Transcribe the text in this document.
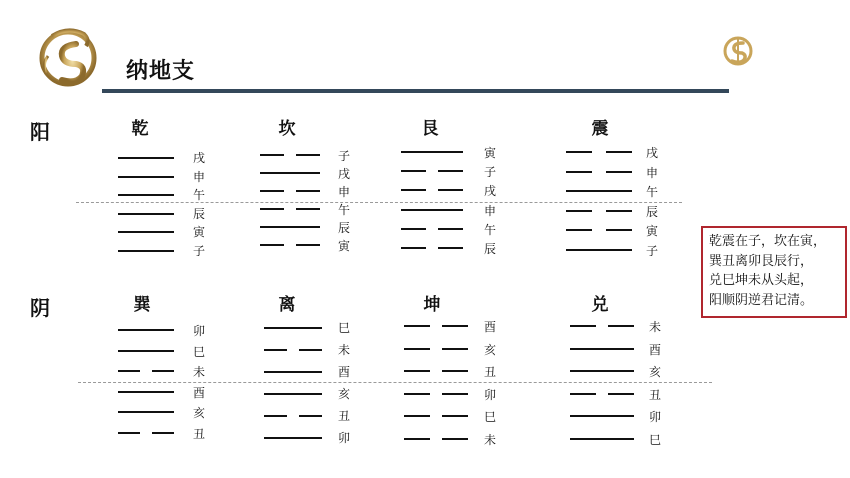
纳地支
阳
阴
乾震在子，坎在寅，
巽丑离卯艮辰行，
兑巳坤未从头起，
阳顺阴逆君记清。
乾
戌
申
午
辰
寅
子
坎
子
戌
申
午
辰
寅
艮
寅
子
戌
申
午
辰
震
戌
申
午
辰
寅
子
巽
卯
巳
未
酉
亥
丑
离
巳
未
酉
亥
丑
卯
坤
酉
亥
丑
卯
巳
未
兑
未
酉
亥
丑
卯
巳
